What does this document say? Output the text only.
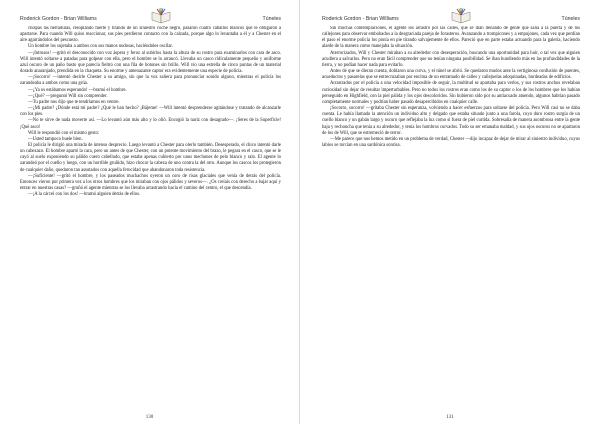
Roderick Gordon - Brian Williams	Túneles

chispas las herraduras, resoplando fuerte y tirando de un siniestro coche negro, pasaron cuatro caballos blancos que le obligaron a apartarse. Para cuando Will quiso reaccionar, sus pies perdieron contacto con la calzada, porque algo lo levantaba a él y a Chester en el aire agarrándolos del pescuezo.

Un hombre los sujetaba a ambos con sus manos nudosas, haciéndoles oscilar.

—¡Intrusos! —gritó el desconocido con voz áspera y feroz al subirlos hasta la altura de su rostro para examinarlos con cara de asco. Will intentó soltarse a patadas para golpear con ella, pero el hombre se lo arrancó. Llevaba un casco ridículamente pequeño y uniforme azul oscuro de un paño basto que parecía fieltro con una fila de botones sin brillo. Will vio una estrella de cinco puntas de un material dorado anaranjado, prendida en la chaqueta. Su enorme y amenazante captor era evidentemente una especie de policía.

—¡Socorro! —intentó decirle Chester a su amigo, sin que la voz saliera para pronunciar sonido alguno, mientras el policía los zarandeaba a ambos como una grúa.

—¿Ya os estábamos esperando! —bramó el hombre.

—¿Qué? —preguntó Will sin comprender.

—Tu padre nos dijo que te tendríamos en ventre.

—¿Mi padre? ¿Dónde está mi padre? ¿Qué le han hecho? ¡Bájeme! —Will intentó desprenderse agitándose y tratando de alcanzarle con los pies.

—No te sirve de nada moverte así. —Lo levantó aún más alto y lo olió. Encogió la nariz con desagrado—. ¡Seres de la Superficie! ¡Qué asco!

Will le respondió con el mismo gesto:

—Usted tampoco huele bien.

El policía le dirigió una mirada de intenso desprecio. Luego levantó a Chester para olerlo también. Desesperado, el chico intentó darle un cabezazo. El hombre apartó la cara, pero un antes de que Chester, con un potente movimiento del brazo, le pegara en el casco, que se le cayó al suelo exponiendo su pálido cuero cabelludo, que estaba apenas cubierto por unos mechones de pelo blanco y ralo. El agente lo zarandeó por el cuello y luego, con un horrible gruñido, hizo chocar la cabeza de uno contra la del otro. Aunque los cascos los protegieron de cualquier daño, quedaron tan asustados con aquella ferocidad que abandonaron toda resistencia.

—¡Suficiente! —gritó el hombre, y los paseados muchachos oyeron un coro de risas glaciales que venía de detrás del policía. Entonces vieron por primera vez a los otros hombres que los miraban con ojos pálidos y severos—. ¿Os creíais con derecho a bajar aquí y entrar en nuestras casas? —gruñó el agente mientras se los llevaba arrastrando hacia el camino del centro, el que descendía.

—¡A la cárcel con los dos! —bramó alguien detrás de ellos.

130
Roderick Gordon - Brian Williams	Túneles

Sin muchas contemplaciones, el agente los arrastró por las calles, que se iban llenando de gente que salía a la puerta y de los callejones para observar embobados a la desgraciada pareja de forasteros. Avanzando a trompicones y a empujones, cada vez que perdían el paso el enorme policía los ponía en pie tirando salvajemente de ellos. Pareció que en parte estaba actuando para la galería, haciendo alarde de la manera como manejaba la situación.

Aterrorizados, Will y Chester miraban a su alrededor con desesperación, buscando una oportunidad para huir, o tal vez que alguien acudiera a salvarlos. Pero no eran fácil comprender que no tenían ninguna posibilidad. Se iban hundiendo más en las profundidades de la tierra, y no podían hacer nada para evitarlo.

Antes de que se dieran cuenta, doblaron una curva, y el túnel se abrió. Se quedaron mudos ante la vertiginosa confusión de puentes, acueductos y pasarelas que se entrecruzaban por encima de un entramado de calles y callejuelas adoquinadas, bordeadas de edificios.

Arrastrados por el policía a una velocidad imposible de seguir, la multitud se apartaba para verlos, y sus rostros anchos revelaban curiosidad sin dejar de resultar imperturbables. Pero no todos los rostros eran como los de su captor o los de los hombres que los habían perseguido en Highfield, con la piel pálida y los ojos descoloridos. Sin hubieron sido por su antiacuado atuendo, algunos habrían pasado completamente normales y podrían haber pasado desapercibidos en cualquier calle.

¡Socorro, socorro! —gritaba Chester sin esperanza, volviendo a hacer esfuerzos para soltarse del policía. Pero Will casi no se daba cuenta. Le había llamado la atención un individuo alto y delgado que estaba situado junto a una farola, cuyo duro rostro surgía de un cuello blanco y un gabán largo y oscuro que reflejaba la luz como si fuera de piel curtida. Sobresalía de manera asombrosa entre la gente baja y rechoncha que tenía a su alrededor, y tenía los hombros curvados. Todo su ser emanaba maldad, y sus ojos oscuros no se apartaron de los de Will, que se estremeció de terror.

—Me parece que nos hemos metido en un problema de verdad, Chester —dijo incapaz de dejar de mirar al siniestro individuo, cuyos labios se torcían en una sardónica sonrisa.

131
